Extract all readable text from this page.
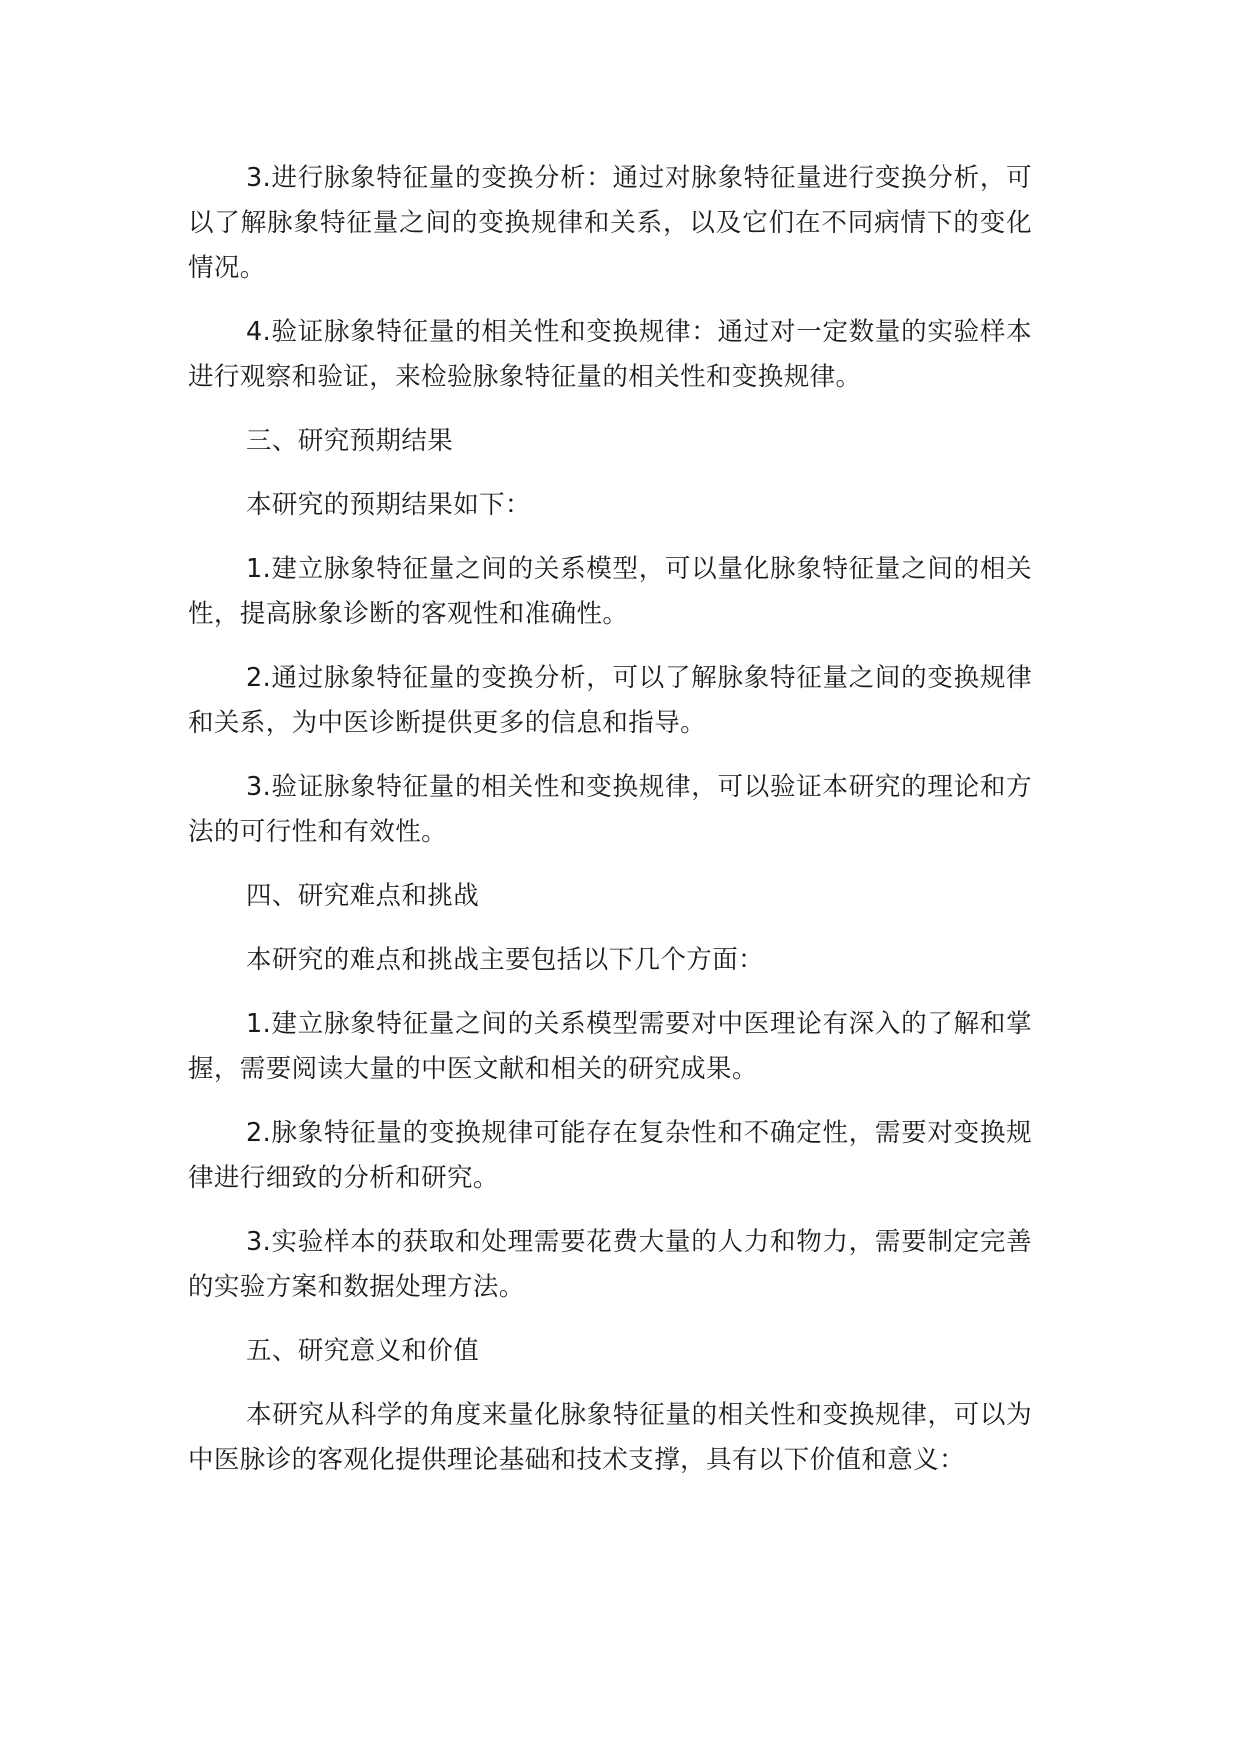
3.进行脉象特征量的变换分析：通过对脉象特征量进行变换分析，可以了解脉象特征量之间的变换规律和关系，以及它们在不同病情下的变化情况。

4.验证脉象特征量的相关性和变换规律：通过对一定数量的实验样本进行观察和验证，来检验脉象特征量的相关性和变换规律。

三、研究预期结果

本研究的预期结果如下：

1.建立脉象特征量之间的关系模型，可以量化脉象特征量之间的相关性，提高脉象诊断的客观性和准确性。

2.通过脉象特征量的变换分析，可以了解脉象特征量之间的变换规律和关系，为中医诊断提供更多的信息和指导。

3.验证脉象特征量的相关性和变换规律，可以验证本研究的理论和方法的可行性和有效性。

四、研究难点和挑战

本研究的难点和挑战主要包括以下几个方面：

1.建立脉象特征量之间的关系模型需要对中医理论有深入的了解和掌握，需要阅读大量的中医文献和相关的研究成果。

2.脉象特征量的变换规律可能存在复杂性和不确定性，需要对变换规律进行细致的分析和研究。

3.实验样本的获取和处理需要花费大量的人力和物力，需要制定完善的实验方案和数据处理方法。

五、研究意义和价值

本研究从科学的角度来量化脉象特征量的相关性和变换规律，可以为中医脉诊的客观化提供理论基础和技术支撑，具有以下价值和意义：
